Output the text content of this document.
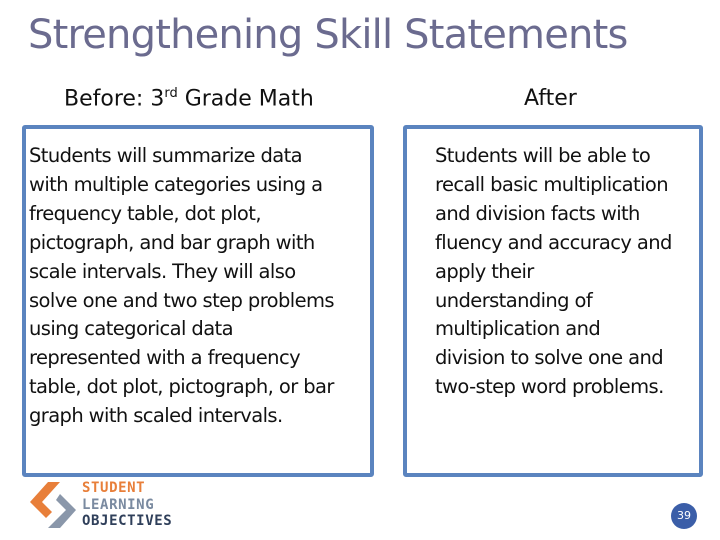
Strengthening Skill Statements
Before: 3rd Grade Math	After
Students will summarize data
with multiple categories using a
frequency table, dot plot,
pictograph, and bar graph with
scale intervals. They will also
solve one and two step problems
using categorical data
represented with a frequency
table, dot plot, pictograph, or bar
graph with scaled intervals.
Students will be able to
recall basic multiplication
and division facts with
fluency and accuracy and
apply their
understanding of
multiplication and
division to solve one and
two-step word problems.
STUDENT
LEARNING
OBJECTIVES	39
